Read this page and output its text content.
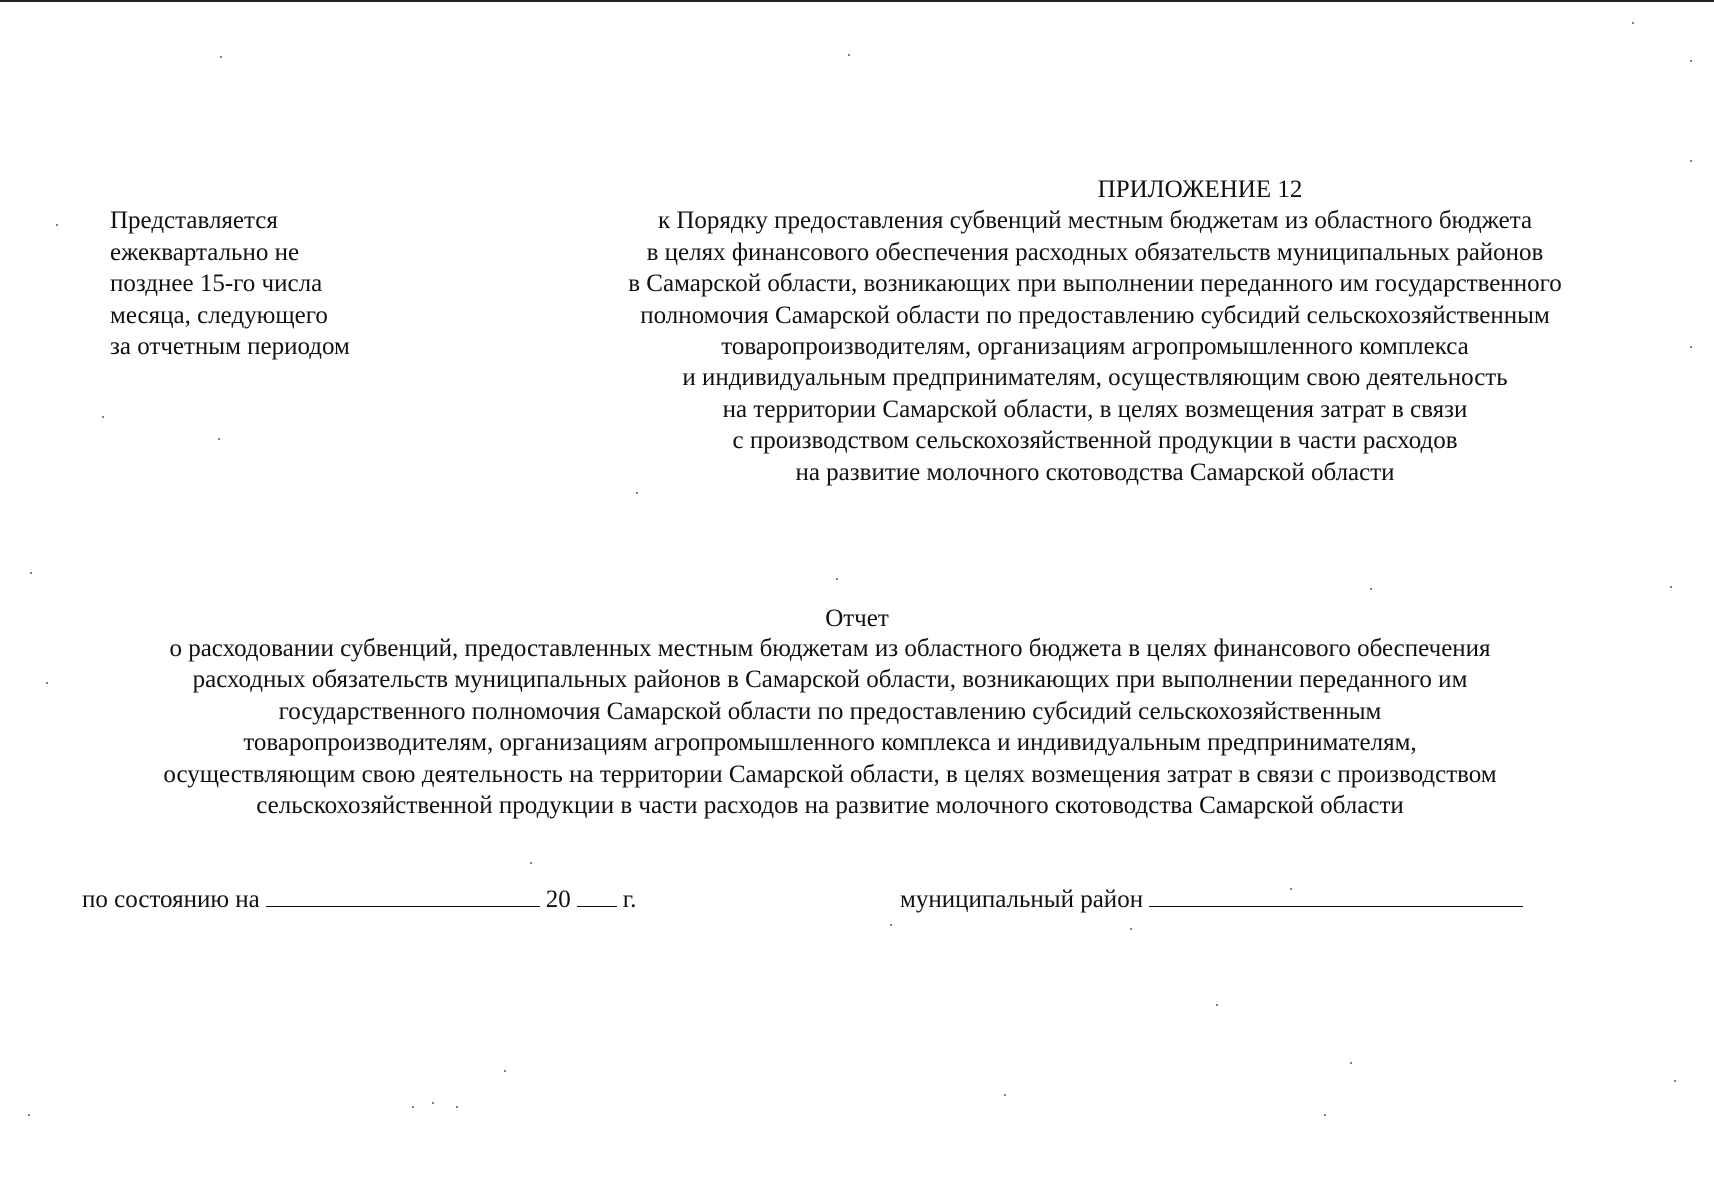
Представляется
ежеквартально не
позднее 15-го числа
месяца, следующего
за отчетным периодом
ПРИЛОЖЕНИЕ 12
к Порядку предоставления субвенций местным бюджетам из областного бюджета
в целях финансового обеспечения расходных обязательств муниципальных районов
в Самарской области, возникающих при выполнении переданного им государственного
полномочия Самарской области по предоставлению субсидий сельскохозяйственным
товаропроизводителям, организациям агропромышленного комплекса
и индивидуальным предпринимателям, осуществляющим свою деятельность
на территории Самарской области, в целях возмещения затрат в связи
с производством сельскохозяйственной продукции в части расходов
на развитие молочного скотоводства Самарской области
Отчет
о расходовании субвенций, предоставленных местным бюджетам из областного бюджета в целях финансового обеспечения
расходных обязательств муниципальных районов в Самарской области, возникающих при выполнении переданного им
государственного полномочия Самарской области по предоставлению субсидий сельскохозяйственным
товаропроизводителям, организациям агропромышленного комплекса и индивидуальным предпринимателям,
осуществляющим свою деятельность на территории Самарской области, в целях возмещения затрат в связи с производством
сельскохозяйственной продукции в части расходов на развитие молочного скотоводства Самарской области
по состоянию на	20 г.	муниципальный район
